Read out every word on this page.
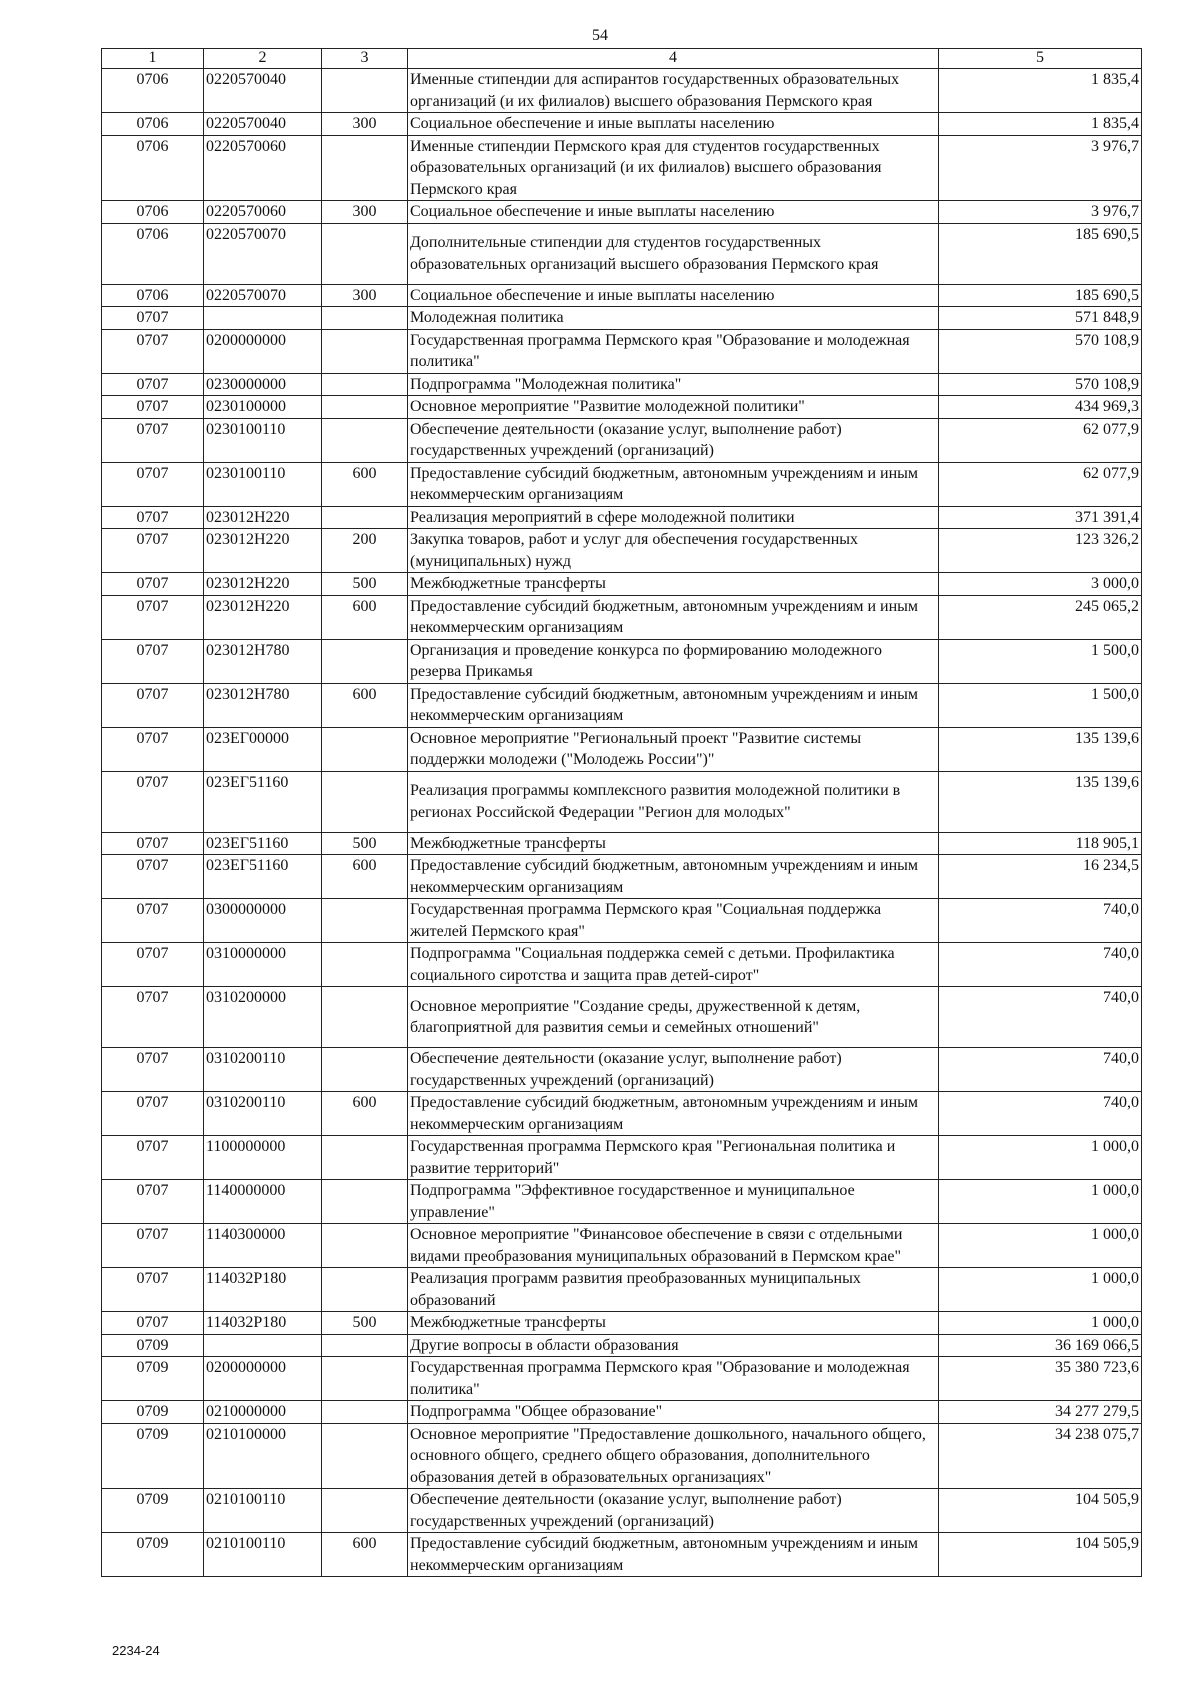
54
1	2	3	4	5
0706	0220570040		Именные стипендии для аспирантов государственных образовательных организаций (и их филиалов) высшего образования Пермского края	1 835,4
0706	0220570040	300	Социальное обеспечение и иные выплаты населению	1 835,4
0706	0220570060		Именные стипендии Пермского края для студентов государственных образовательных организаций (и их филиалов) высшего образования Пермского края	3 976,7
0706	0220570060	300	Социальное обеспечение и иные выплаты населению	3 976,7
0706	0220570070		Дополнительные стипендии для студентов государственных образовательных организаций высшего образования Пермского края	185 690,5
0706	0220570070	300	Социальное обеспечение и иные выплаты населению	185 690,5
0707			Молодежная политика	571 848,9
0707	0200000000		Государственная программа Пермского края "Образование и молодежная политика"	570 108,9
0707	0230000000		Подпрограмма "Молодежная политика"	570 108,9
0707	0230100000		Основное мероприятие "Развитие молодежной политики"	434 969,3
0707	0230100110		Обеспечение деятельности (оказание услуг, выполнение работ) государственных учреждений (организаций)	62 077,9
0707	0230100110	600	Предоставление субсидий бюджетным, автономным учреждениям и иным некоммерческим организациям	62 077,9
0707	023012Н220		Реализация мероприятий в сфере молодежной политики	371 391,4
0707	023012Н220	200	Закупка товаров, работ и услуг для обеспечения государственных (муниципальных) нужд	123 326,2
0707	023012Н220	500	Межбюджетные трансферты	3 000,0
0707	023012Н220	600	Предоставление субсидий бюджетным, автономным учреждениям и иным некоммерческим организациям	245 065,2
0707	023012Н780		Организация и проведение конкурса по формированию молодежного резерва Прикамья	1 500,0
0707	023012Н780	600	Предоставление субсидий бюджетным, автономным учреждениям и иным некоммерческим организациям	1 500,0
0707	023ЕГ00000		Основное мероприятие "Региональный проект "Развитие системы поддержки молодежи ("Молодежь России")"	135 139,6
0707	023ЕГ51160		Реализация программы комплексного развития молодежной политики в регионах Российской Федерации "Регион для молодых"	135 139,6
0707	023ЕГ51160	500	Межбюджетные трансферты	118 905,1
0707	023ЕГ51160	600	Предоставление субсидий бюджетным, автономным учреждениям и иным некоммерческим организациям	16 234,5
0707	0300000000		Государственная программа Пермского края "Социальная поддержка жителей Пермского края"	740,0
0707	0310000000		Подпрограмма "Социальная поддержка семей с детьми. Профилактика социального сиротства и защита прав детей-сирот"	740,0
0707	0310200000		Основное мероприятие "Создание среды, дружественной к детям, благоприятной для развития семьи и семейных отношений"	740,0
0707	0310200110		Обеспечение деятельности (оказание услуг, выполнение работ) государственных учреждений (организаций)	740,0
0707	0310200110	600	Предоставление субсидий бюджетным, автономным учреждениям и иным некоммерческим организациям	740,0
0707	1100000000		Государственная программа Пермского края "Региональная политика и развитие территорий"	1 000,0
0707	1140000000		Подпрограмма "Эффективное государственное и муниципальное управление"	1 000,0
0707	1140300000		Основное мероприятие "Финансовое обеспечение в связи с отдельными видами преобразования муниципальных образований в Пермском крае"	1 000,0
0707	114032Р180		Реализация программ развития преобразованных муниципальных образований	1 000,0
0707	114032Р180	500	Межбюджетные трансферты	1 000,0
0709			Другие вопросы в области образования	36 169 066,5
0709	0200000000		Государственная программа Пермского края "Образование и молодежная политика"	35 380 723,6
0709	0210000000		Подпрограмма "Общее образование"	34 277 279,5
0709	0210100000		Основное мероприятие "Предоставление дошкольного, начального общего, основного общего, среднего общего образования, дополнительного образования детей в образовательных организациях"	34 238 075,7
0709	0210100110		Обеспечение деятельности (оказание услуг, выполнение работ) государственных учреждений (организаций)	104 505,9
0709	0210100110	600	Предоставление субсидий бюджетным, автономным учреждениям и иным некоммерческим организациям	104 505,9
2234-24
